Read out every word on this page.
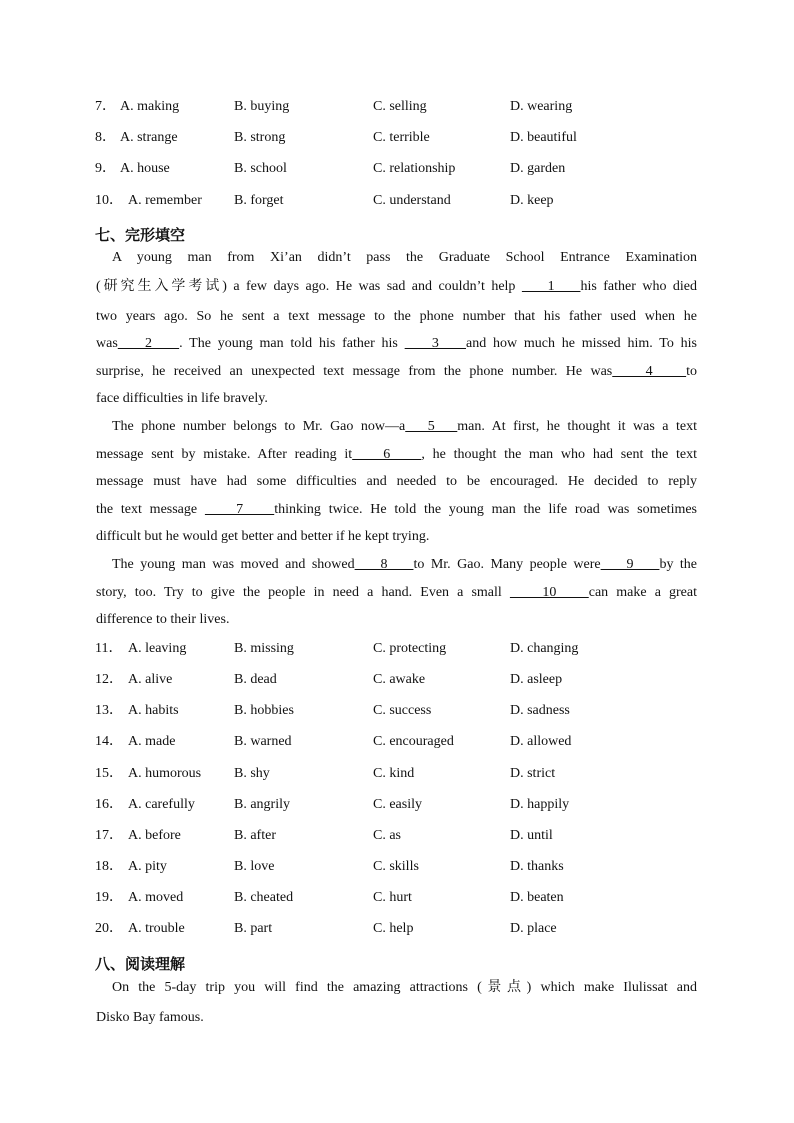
7． A. making	B. buying	C. selling	D. wearing
8． A. strange	B. strong	C. terrible	D. beautiful
9． A. house	B. school	C. relationship	D. garden
10． A. remember B. forget	C. understand	D. keep
七、完形填空
A young man from Xi’an didn’t pass the Graduate School Entrance Examination
(研究生入学考试) a few days ago. He was sad and couldn’t help     1    his father who died
two years ago. So he sent a text message to the phone number that his father used when he
was    2    . The young man told his father his     3    and how much he missed him. To his
surprise, he received an unexpected text message from the phone number. He was    4    to
face difficulties in life bravely.
The phone number belongs to Mr. Gao now—a   5   man. At first, he thought it was a text
message sent by mistake. After reading it    6    , he thought the man who had sent the text
message must have had some difficulties and needed to be encouraged. He decided to reply
the text message     7    thinking twice. He told the young man the life road was sometimes
difficult but he would get better and better if he kept trying.
The young man was moved and showed    8    to Mr. Gao. Many people were    9    by the
story, too. Try to give the people in need a hand. Even a small     10    can make a great
difference to their lives.
11． A. leaving	B. missing	C. protecting	D. changing
12． A. alive	B. dead	C. awake	D. asleep
13． A. habits	B. hobbies	C. success	D. sadness
14． A. made	B. warned	C. encouraged	D. allowed
15． A. humorous B. shy	C. kind	D. strict
16． A. carefully	B. angrily	C. easily	D. happily
17． A. before	B. after	C. as	D. until
18． A. pity	B. love	C. skills	D. thanks
19． A. moved	B. cheated	C. hurt	D. beaten
20． A. trouble	B. part	C. help	D. place
八、阅读理解
On the 5-day trip you will find the amazing attractions (景点) which make Ilulissat and
Disko Bay famous.
